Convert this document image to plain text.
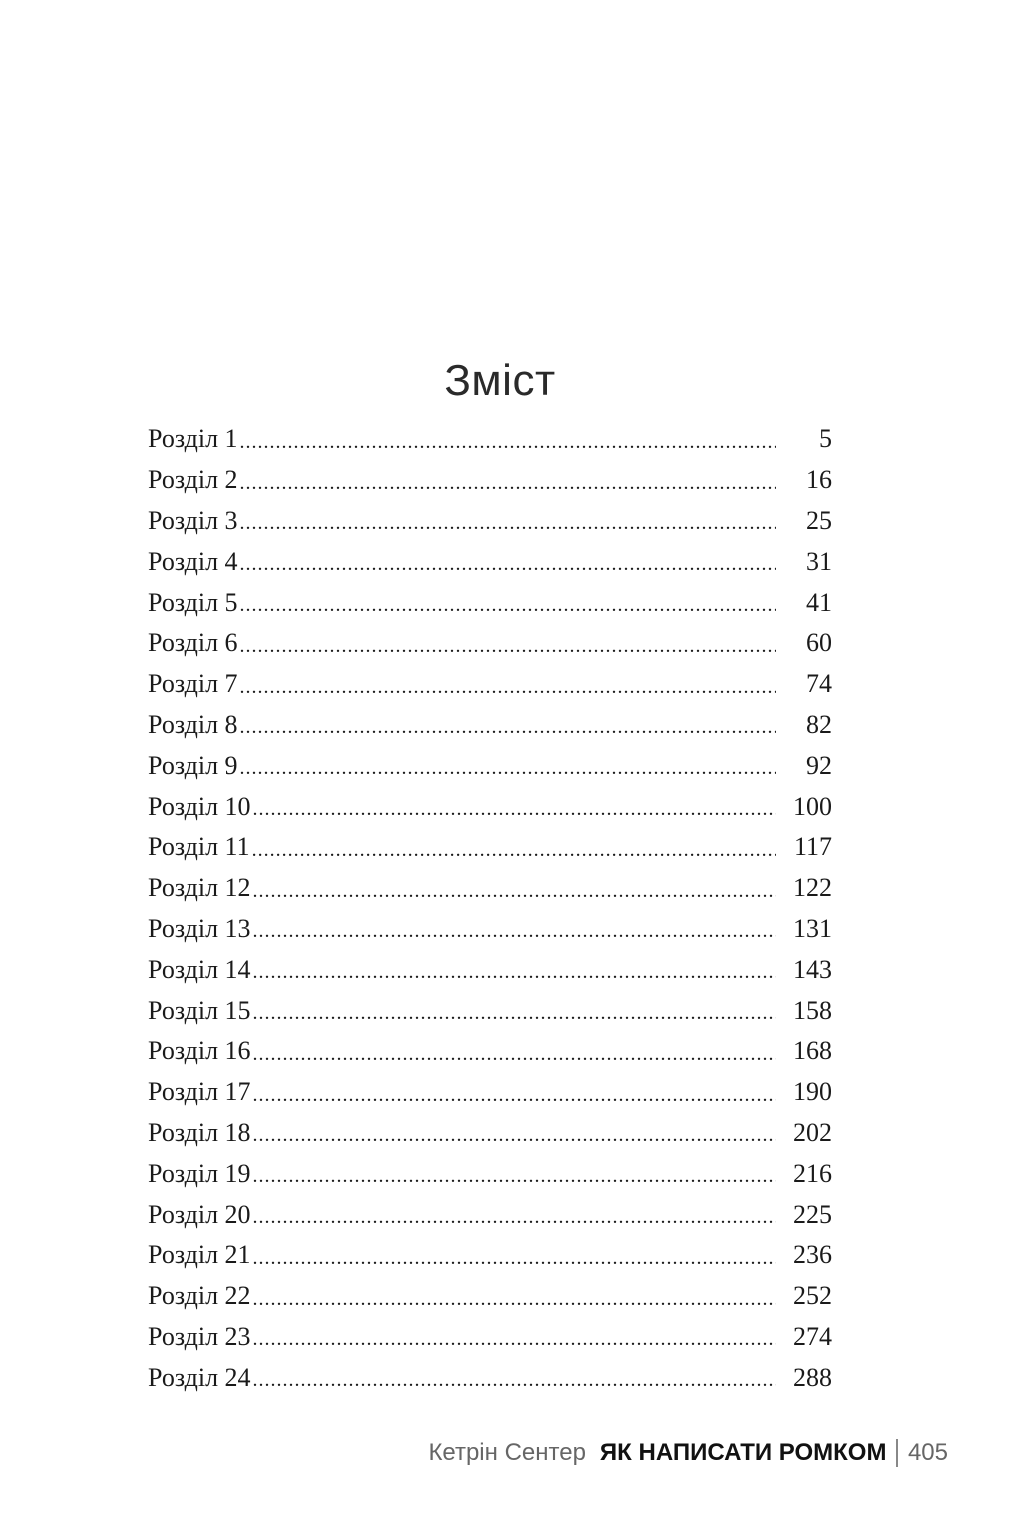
Зміст
Розділ 1 .....	5
Розділ 2 .....	16
Розділ 3 .....	25
Розділ 4 .....	31
Розділ 5 .....	41
Розділ 6 .....	60
Розділ 7 .....	74
Розділ 8 .....	82
Розділ 9 .....	92
Розділ 10 .....	100
Розділ 11 .....	117
Розділ 12 .....	122
Розділ 13 .....	131
Розділ 14 .....	143
Розділ 15 .....	158
Розділ 16 .....	168
Розділ 17 .....	190
Розділ 18 .....	202
Розділ 19 .....	216
Розділ 20 .....	225
Розділ 21 .....	236
Розділ 22 .....	252
Розділ 23 .....	274
Розділ 24 .....	288
Кетрін Сентер ЯК НАПИСАТИ РОМКОМ 405
